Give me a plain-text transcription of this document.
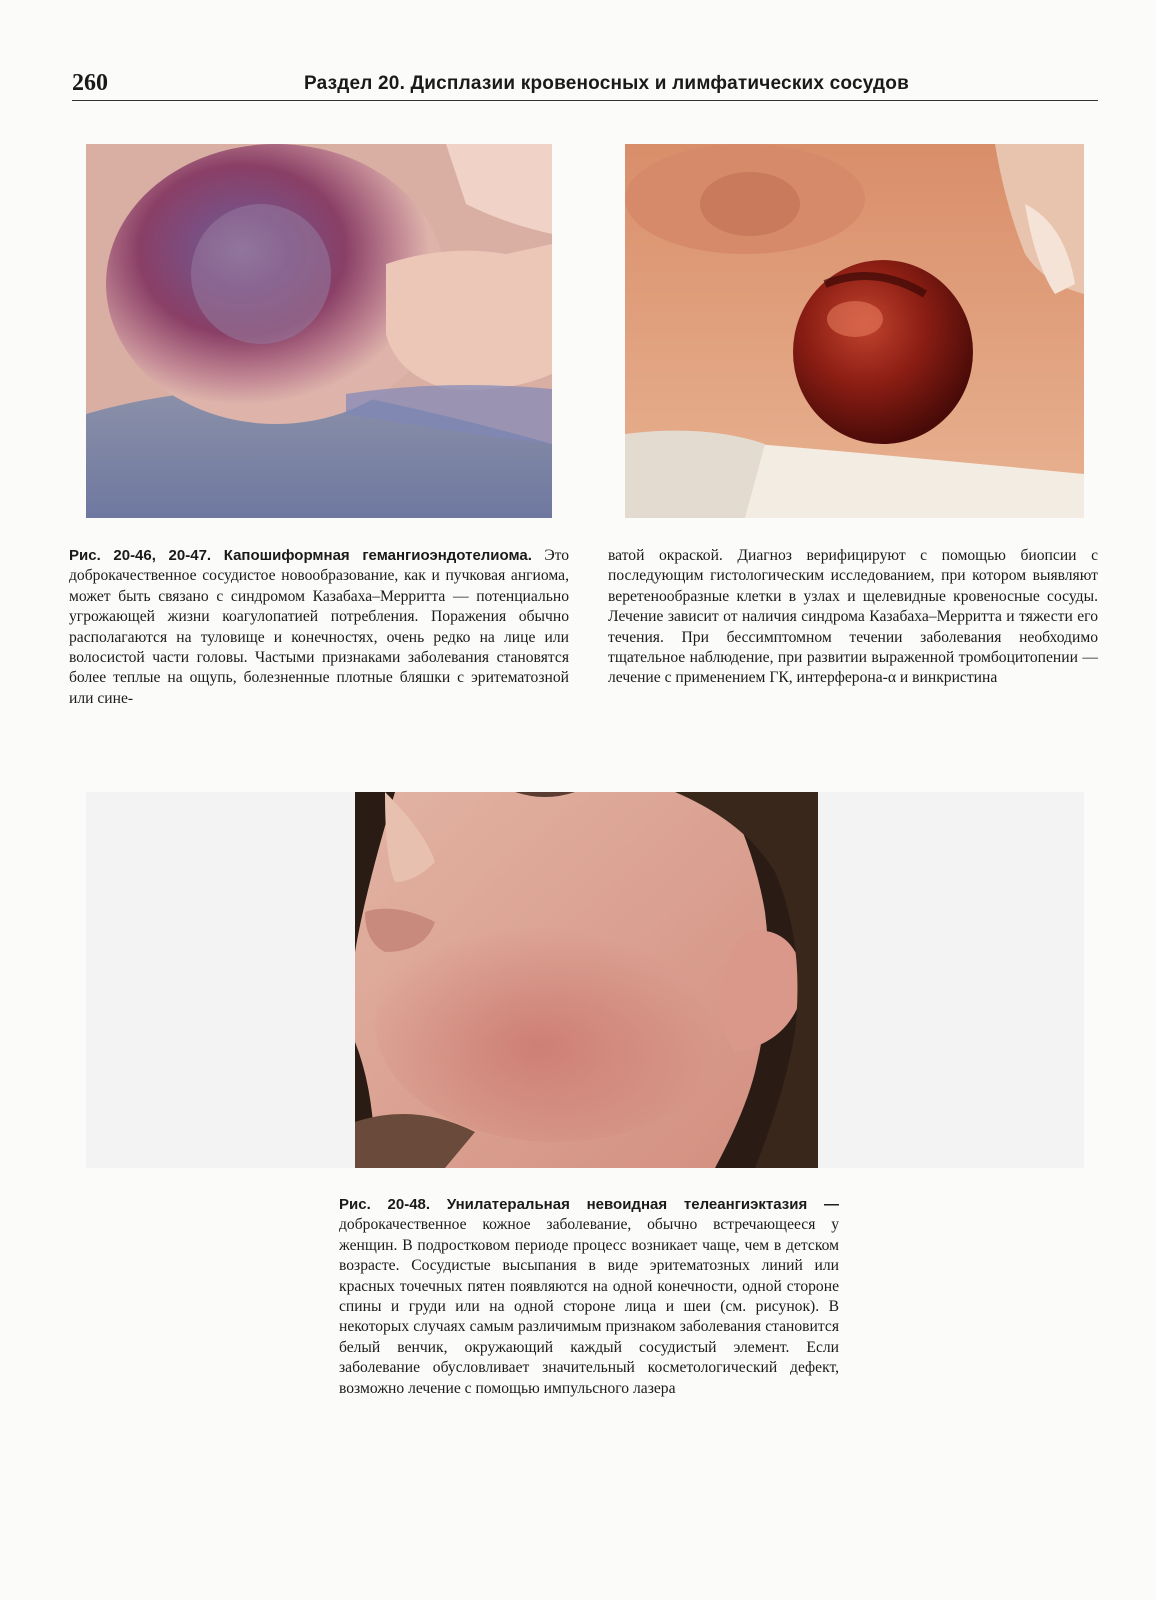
260	Раздел 20. Дисплазии кровеносных и лимфатических сосудов
Рис. 20-46, 20-47. Капошиформная гемангиоэндотелиома. Это доброкачественное сосудистое новообразование, как и пучковая ангиома, может быть связано с синдромом Казабаха–Мерритта — потенциально угрожающей жизни коагулопатией потребления. Поражения обычно располагаются на туловище и конечностях, очень редко на лице или волосистой части головы. Частыми признаками заболевания становятся более теплые на ощупь, болезненные плотные бляшки с эритематозной или сине-
ватой окраской. Диагноз верифицируют с помощью биопсии с последующим гистологическим исследованием, при котором выявляют веретенообразные клетки в узлах и щелевидные кровеносные сосуды. Лечение зависит от наличия синдрома Казабаха–Мерритта и тяжести его течения. При бессимптомном течении заболевания необходимо тщательное наблюдение, при развитии выраженной тромбоцитопении — лечение с применением ГК, интерферона-α и винкристина
Рис. 20-48. Унилатеральная невоидная телеангиэктазия — доброкачественное кожное заболевание, обычно встречающееся у женщин. В подростковом периоде процесс возникает чаще, чем в детском возрасте. Сосудистые высыпания в виде эритематозных линий или красных точечных пятен появляются на одной конечности, одной стороне спины и груди или на одной стороне лица и шеи (см. рисунок). В некоторых случаях самым различимым признаком заболевания становится белый венчик, окружающий каждый сосудистый элемент. Если заболевание обусловливает значительный косметологический дефект, возможно лечение с помощью импульсного лазера
